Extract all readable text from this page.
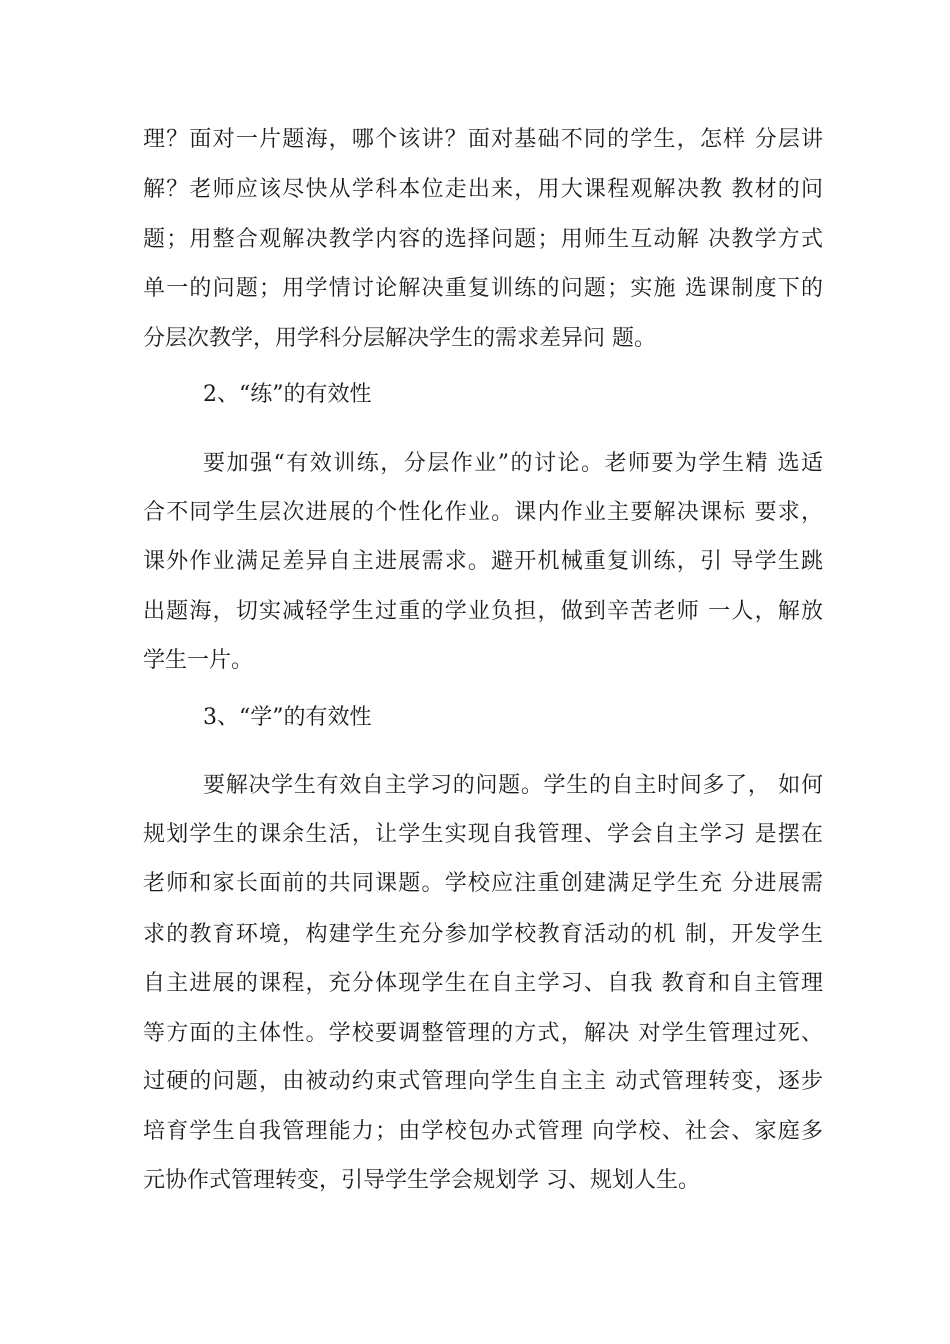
理？面对一片题海，哪个该讲？面对基础不同的学生，怎样 分层讲
解？老师应该尽快从学科本位走出来，用大课程观解决教 教材的问
题；用整合观解决教学内容的选择问题；用师生互动解 决教学方式
单一的问题；用学情讨论解决重复训练的问题；实施 选课制度下的
分层次教学，用学科分层解决学生的需求差异问 题。
2、“练”的有效性
要加强“有效训练，分层作业”的讨论。老师要为学生精 选适
合不同学生层次进展的个性化作业。课内作业主要解决课标 要求，
课外作业满足差异自主进展需求。避开机械重复训练，引 导学生跳
出题海，切实减轻学生过重的学业负担，做到辛苦老师 一人，解放
学生一片。
3、“学”的有效性
要解决学生有效自主学习的问题。学生的自主时间多了， 如何
规划学生的课余生活，让学生实现自我管理、学会自主学习 是摆在
老师和家长面前的共同课题。学校应注重创建满足学生充 分进展需
求的教育环境，构建学生充分参加学校教育活动的机 制，开发学生
自主进展的课程，充分体现学生在自主学习、自我 教育和自主管理
等方面的主体性。学校要调整管理的方式，解决 对学生管理过死、
过硬的问题，由被动约束式管理向学生自主主 动式管理转变，逐步
培育学生自我管理能力；由学校包办式管理 向学校、社会、家庭多
元协作式管理转变，引导学生学会规划学 习、规划人生。
